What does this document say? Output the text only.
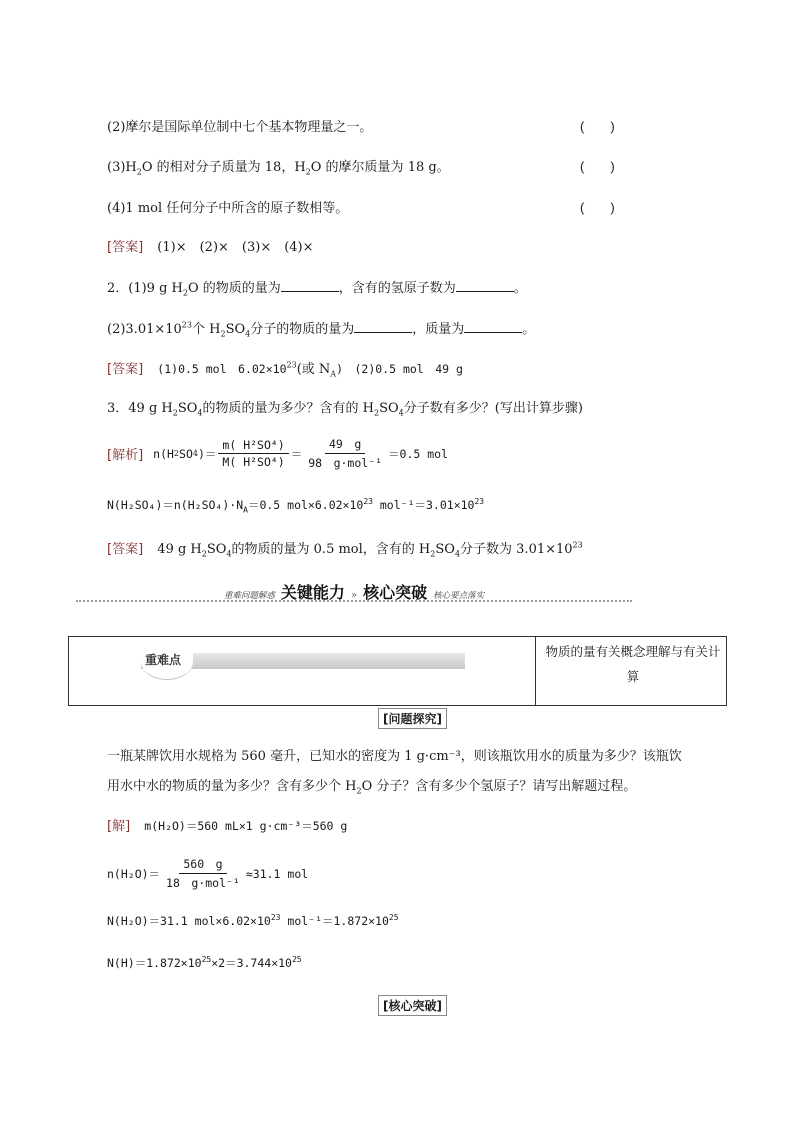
(2)摩尔是国际单位制中七个基本物理量之一。	(　　)
$(3)H_2O$ 的相对分子质量为 18，$H_2O$ 的摩尔质量为 18 g。	(　　)
(4)1 mol 任何分子中所含的原子数相等。	(　　)
[答案] (1)×　(2)×　(3)×　(4)×
2．(1)9 g $H_2O$ 的物质的量为	，含有的氢原子数为	。
$(2)3.01\times 10^{23}$个 $H_2SO_4$分子的物质的量为	，质量为	。
[答案] (1)0.5 mol　$6.02\times 10^{23}$(或 $N_A$)　(2)0.5 mol　49 g
3．49 g $H_2SO_4$的物质的量为多少？含有的 $H_2SO_4$分子数有多少？(写出计算步骤)
[解析] n(H 2 SO 4 )＝ $\frac{\text{m( H²SO⁴)}}{\text{M( H²SO⁴)}} = \frac{49 g}{\text{98　g·mol⁻¹}} =0.5$ mol
$N(H_2SO_4)=n(H_2SO_4)\cdot N_A=0.5$ $mol\times 6.02\times 10^{23}$ $mol^{-1}=3.01\times 10^{23}$
[答案] 49 g $H_2SO_4$的物质的量为 0.5 mol，含有的 $H_2SO_4$分子数为 $3.01\times 10^{23}$
重难问题解惑 关键能力 » 核心突破 核心要点落实
重难点
物质的量有关概念理解与有关计算
[问题探究]
一瓶某牌饮用水规格为 560 毫升，已知水的密度为 1 g·cm⁻³，则该瓶饮用水的质量为多少？该瓶饮
用水中水的物质的量为多少？含有多少个 $H_2O$ 分子？含有多少个氢原子？请写出解题过程。
[解] m(H₂O)＝560 mL×1 g·cm⁻³＝560 g
$n(H_2O)= \frac{560 g}{\text{18　g·mol⁻¹}} \approx 31.1$ mol
N(H₂O)＝31.1 $mol\times 6.02\times 10^{23}$ $mol^{-1}=1.872\times 10^{25}$
$N(H)=1.872\times 10^{25}\times 2=3.744\times 10^{25}$
[核心突破]
